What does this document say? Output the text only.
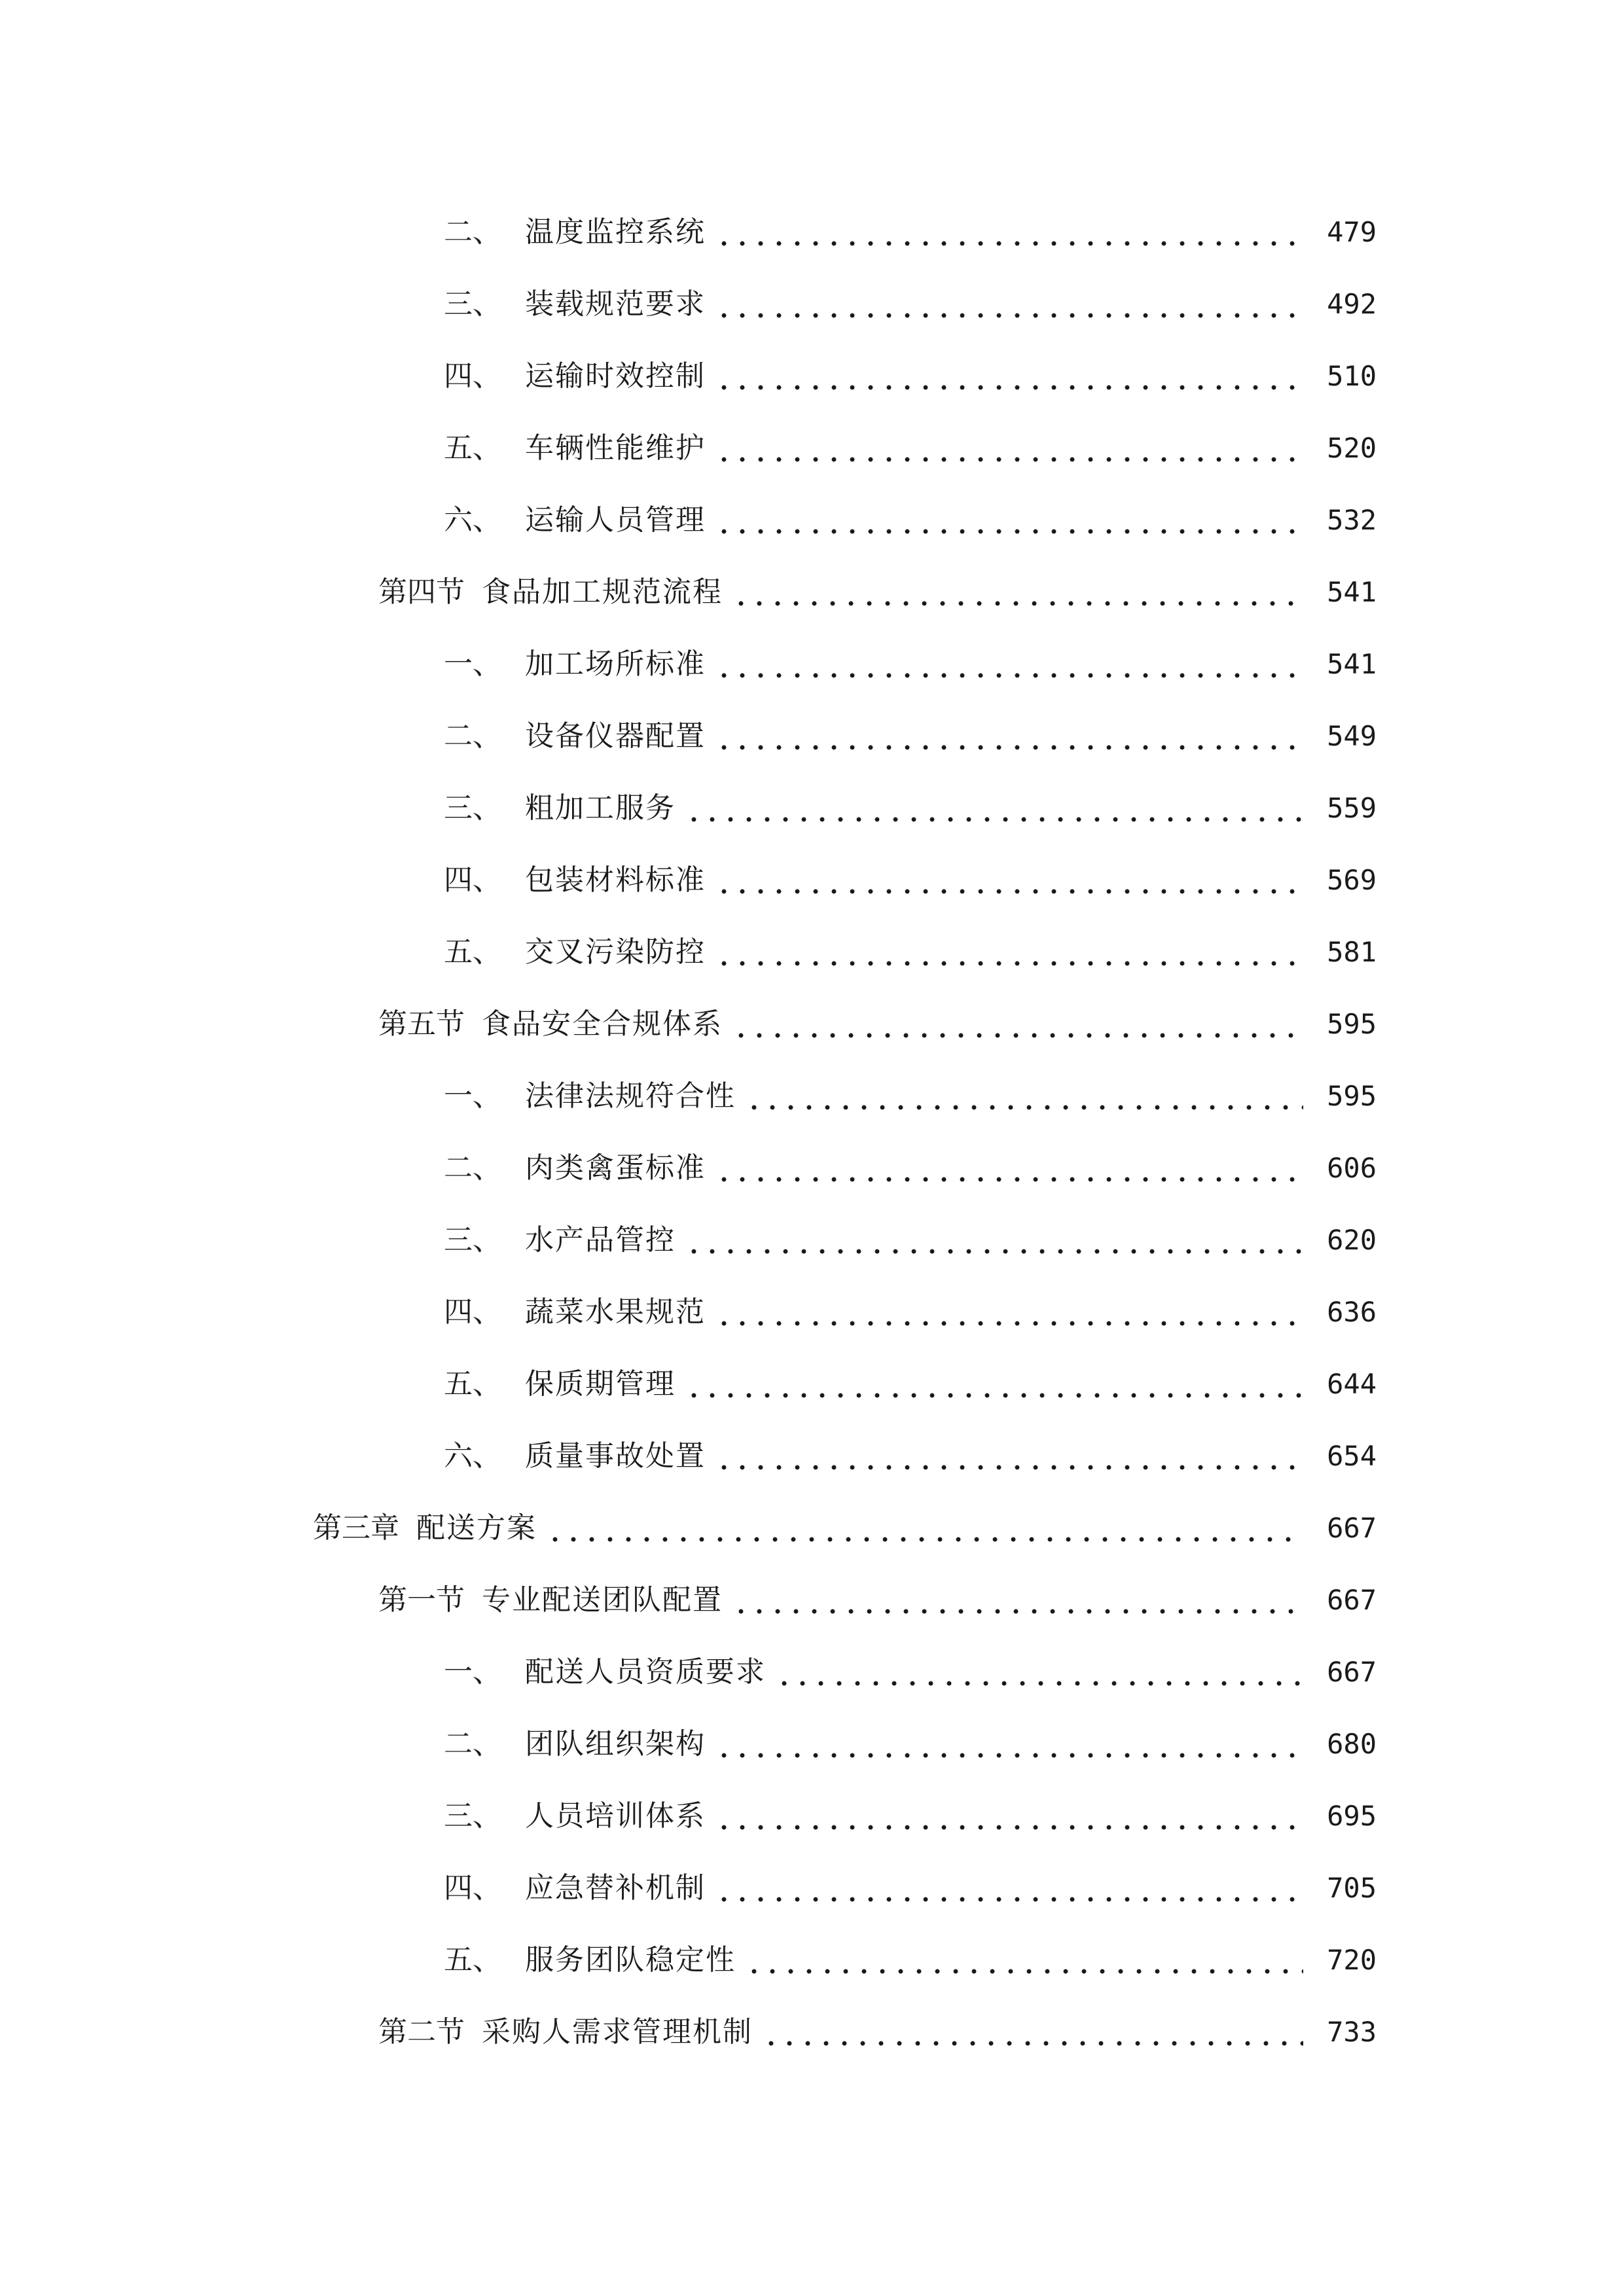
二、 温度监控系统	479
三、 装载规范要求	492
四、 运输时效控制	510
五、 车辆性能维护	520
六、 运输人员管理	532
第四节 食品加工规范流程	541
一、 加工场所标准	541
二、 设备仪器配置	549
三、 粗加工服务	559
四、 包装材料标准	569
五、 交叉污染防控	581
第五节 食品安全合规体系	595
一、 法律法规符合性	595
二、 肉类禽蛋标准	606
三、 水产品管控	620
四、 蔬菜水果规范	636
五、 保质期管理	644
六、 质量事故处置	654
第三章 配送方案	667
第一节 专业配送团队配置	667
一、 配送人员资质要求	667
二、 团队组织架构	680
三、 人员培训体系	695
四、 应急替补机制	705
五、 服务团队稳定性	720
第二节 采购人需求管理机制	733
